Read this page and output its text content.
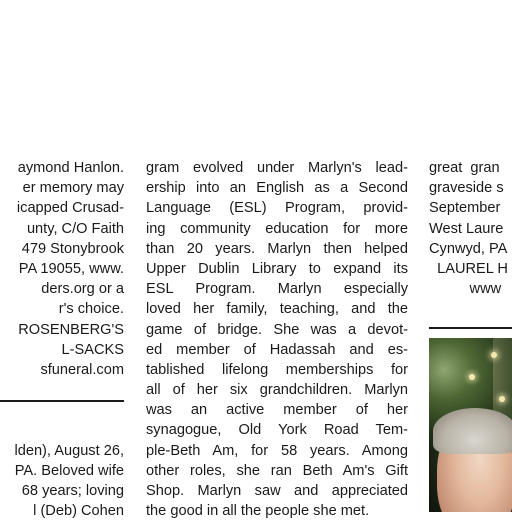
aymond Hanlon.
er memory may
icapped Crusad-
unty, C/O Faith
479 Stonybrook
PA 19055, www.
ders.org or a
r's choice.
ROSENBERG'S
L-SACKS
sfuneral.com
lden), August 26,
PA. Beloved wife
68 years; loving
l (Deb) Cohen
gram evolved under Marlyn's lead-
ership into an English as a Second
Language (ESL) Program, provid-
ing community education for more
than 20 years. Marlyn then helped
Upper Dublin Library to expand its
ESL Program. Marlyn especially
loved her family, teaching, and the
game of bridge. She was a devot-
ed member of Hadassah and es-
tablished lifelong memberships for
all of her six grandchildren. Marlyn
was an active member of her
synagogue, Old York Road Tem-
ple-Beth Am, for 58 years. Among
other roles, she ran Beth Am's Gift
Shop. Marlyn saw and appreciated
the good in all the people she met.
great  gran
graveside s
September
West Laure
Cynwyd, PA
LAUREL H
www
